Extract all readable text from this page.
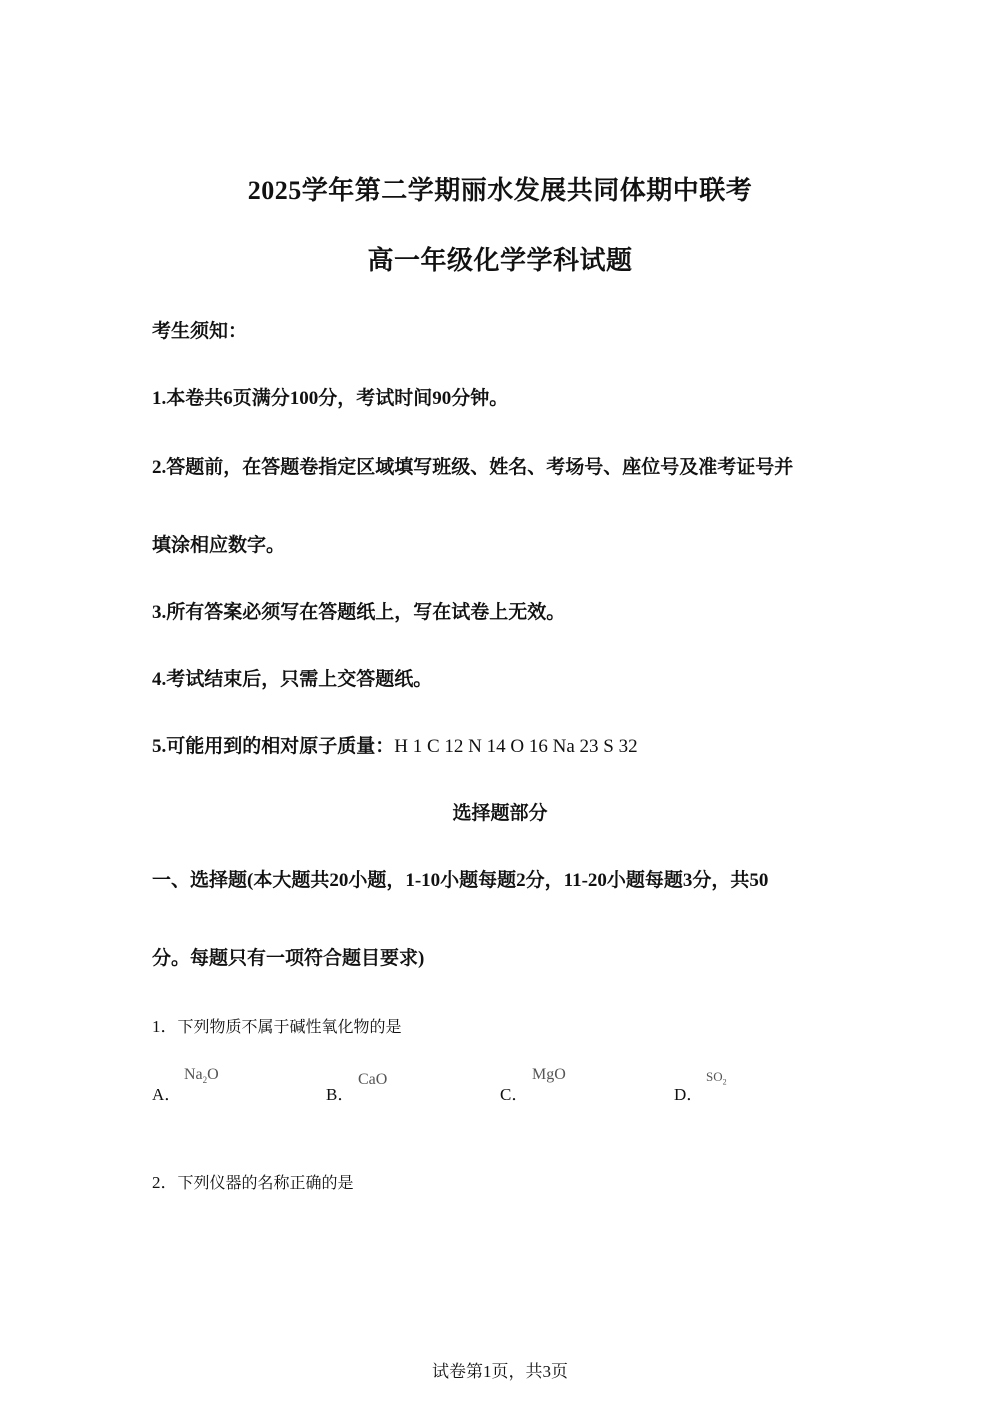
2025学年第二学期丽水发展共同体期中联考
高一年级化学学科试题
考生须知：
1.本卷共6页满分100分，考试时间90分钟。
2.答题前，在答题卷指定区域填写班级、姓名、考场号、座位号及准考证号并
填涂相应数字。
3.所有答案必须写在答题纸上，写在试卷上无效。
4.考试结束后，只需上交答题纸。
5.可能用到的相对原子质量：H 1 C 12 N 14 O 16 Na 23 S 32
选择题部分
一、选择题(本大题共20小题，1-10小题每题2分，11-20小题每题3分，共50
分。每题只有一项符合题目要求)
1．下列物质不属于碱性氧化物的是
A．
$Na_2O$
B．
CaO
C．
MgO
D．
$SO_2$
2．下列仪器的名称正确的是
试卷第1页，共3页
